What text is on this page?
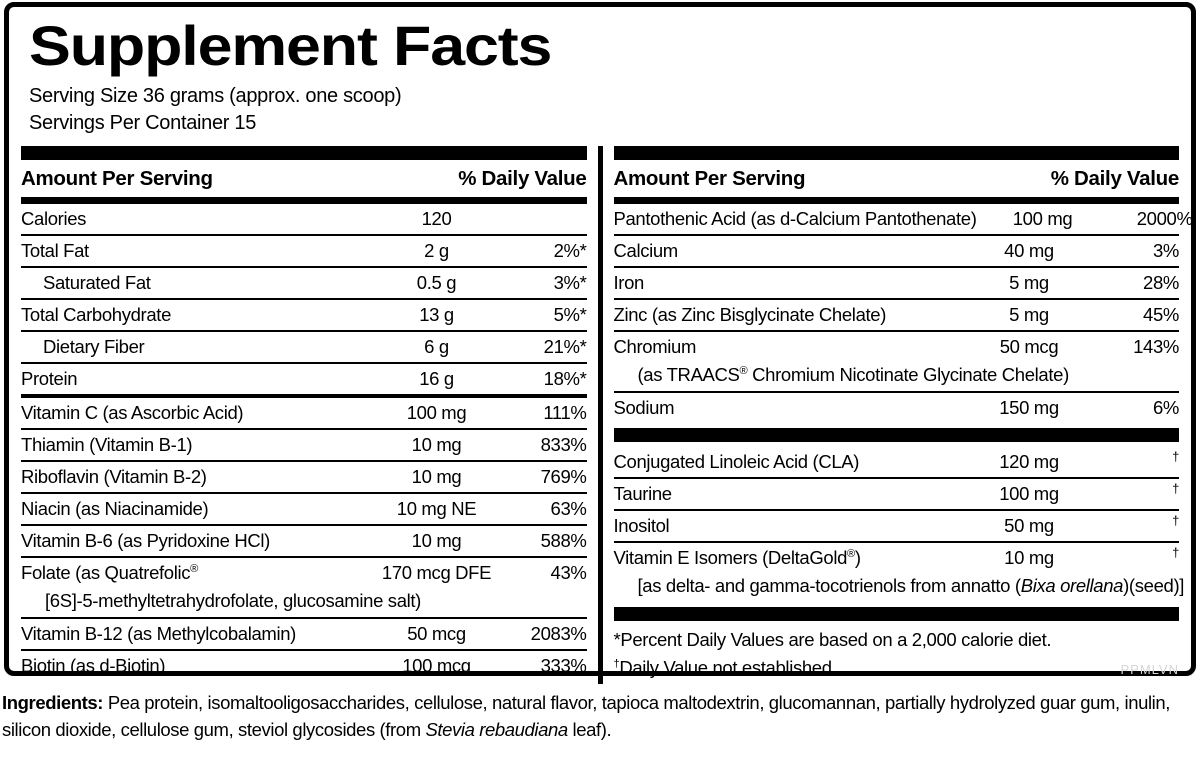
Supplement Facts
Serving Size 36 grams (approx. one scoop)
Servings Per Container 15
Amount Per Serving	% Daily Value
Calories	120
Total Fat	2 g	2%*
Saturated Fat	0.5 g	3%*
Total Carbohydrate	13 g	5%*
Dietary Fiber	6 g	21%*
Protein	16 g	18%*
Vitamin C (as Ascorbic Acid)	100 mg	111%
Thiamin (Vitamin B-1)	10 mg	833%
Riboflavin (Vitamin B-2)	10 mg	769%
Niacin (as Niacinamide)	10 mg NE	63%
Vitamin B-6 (as Pyridoxine HCl)	10 mg	588%
Folate (as Quatrefolic®	170 mcg DFE	43%
[6S]-5-methyltetrahydrofolate, glucosamine salt)
Vitamin B-12 (as Methylcobalamin)	50 mcg	2083%
Biotin (as d-Biotin)	100 mcg	333%
Amount Per Serving	% Daily Value
Pantothenic Acid (as d-Calcium Pantothenate)	100 mg	2000%
Calcium	40 mg	3%
Iron	5 mg	28%
Zinc (as Zinc Bisglycinate Chelate)	5 mg	45%
Chromium	50 mcg	143%
(as TRAACS® Chromium Nicotinate Glycinate Chelate)
Sodium	150 mg	6%
Conjugated Linoleic Acid (CLA)	120 mg	†
Taurine	100 mg	†
Inositol	50 mg	†
Vitamin E Isomers (DeltaGold®)	10 mg	†
[as delta- and gamma-tocotrienols from annatto (Bixa orellana)(seed)]
*Percent Daily Values are based on a 2,000 calorie diet.
†Daily Value not established.	PPMLVN
Ingredients: Pea protein, isomaltooligosaccharides, cellulose, natural flavor, tapioca maltodextrin, glucomannan, partially hydrolyzed guar gum, inulin, silicon dioxide, cellulose gum, steviol glycosides (from Stevia rebaudiana leaf).
